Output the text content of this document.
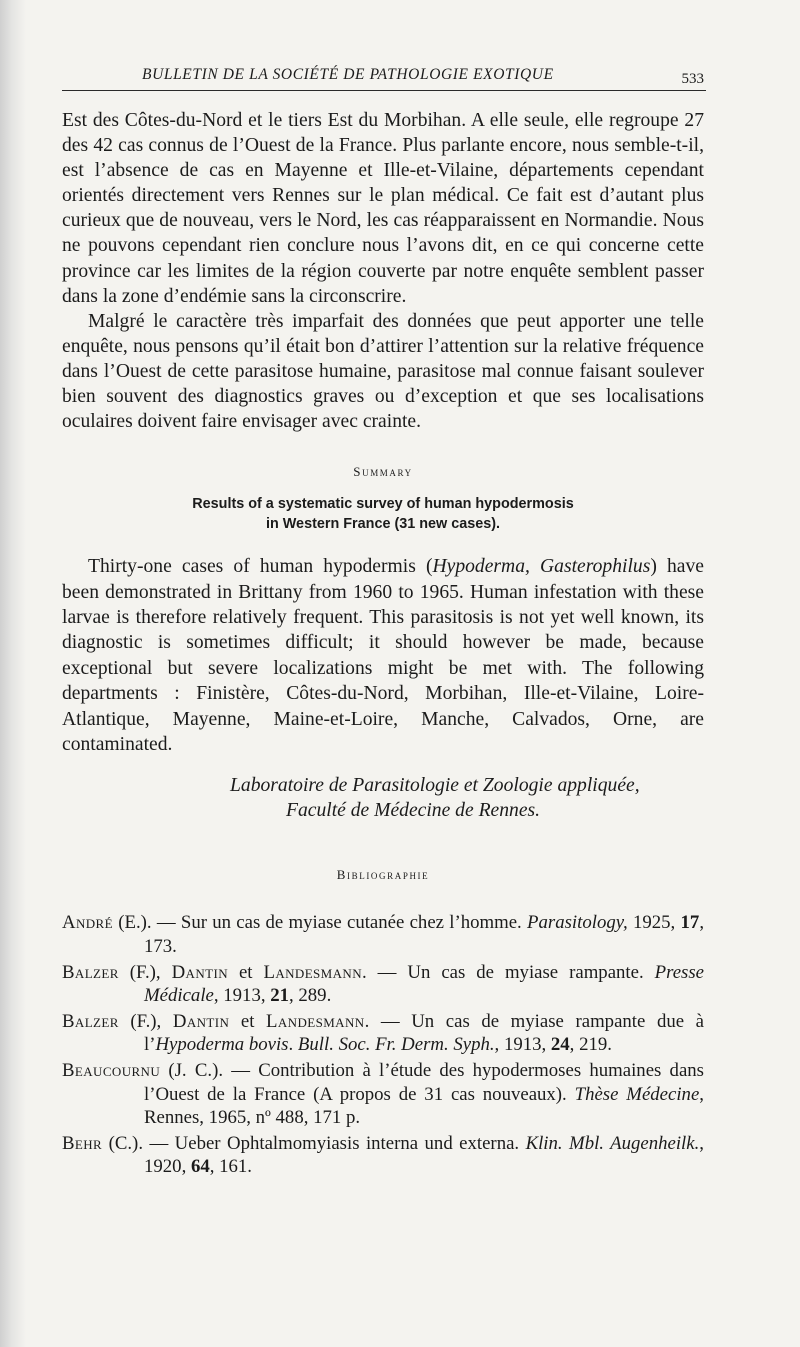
BULLETIN DE LA SOCIÉTÉ DE PATHOLOGIE EXOTIQUE	533

Est des Côtes-du-Nord et le tiers Est du Morbihan. A elle seule, elle regroupe 27 des 42 cas connus de l’Ouest de la France. Plus parlante encore, nous semble-t-il, est l’absence de cas en Mayenne et Ille-et-Vilaine, départements cependant orientés directement vers Rennes sur le plan médical. Ce fait est d’autant plus curieux que de nouveau, vers le Nord, les cas réapparaissent en Normandie. Nous ne pouvons cependant rien conclure nous l’avons dit, en ce qui concerne cette province car les limites de la région couverte par notre enquête semblent passer dans la zone d’endémie sans la circonscrire.

Malgré le caractère très imparfait des données que peut apporter une telle enquête, nous pensons qu’il était bon d’attirer l’attention sur la relative fréquence dans l’Ouest de cette parasitose humaine, parasitose mal connue faisant soulever bien souvent des diagnostics graves ou d’exception et que ses localisations oculaires doivent faire envisager avec crainte.

Summary

Results of a systematic survey of human hypodermosis
in Western France (31 new cases).

Thirty-one cases of human hypodermis (Hypoderma, Gasterophilus) have been demonstrated in Brittany from 1960 to 1965. Human infestation with these larvae is therefore relatively frequent. This parasitosis is not yet well known, its diagnostic is sometimes difficult; it should however be made, because exceptional but severe localizations might be met with. The following departments : Finistère, Côtes-du-Nord, Morbihan, Ille-et-Vilaine, Loire-Atlantique, Mayenne, Maine-et-Loire, Manche, Calvados, Orne, are contaminated.

Laboratoire de Parasitologie et Zoologie appliquée,
Faculté de Médecine de Rennes.

Bibliographie

André (E.). — Sur un cas de myiase cutanée chez l’homme. Parasitology, 1925, 17, 173.

Balzer (F.), Dantin et Landesmann. — Un cas de myiase rampante. Presse Médicale, 1913, 21, 289.

Balzer (F.), Dantin et Landesmann. — Un cas de myiase rampante due à l’Hypoderma bovis. Bull. Soc. Fr. Derm. Syph., 1913, 24, 219.

Beaucournu (J. C.). — Contribution à l’étude des hypodermoses humaines dans l’Ouest de la France (A propos de 31 cas nouveaux). Thèse Médecine, Rennes, 1965, nº 488, 171 p.

Behr (C.). — Ueber Ophtalmomyiasis interna und externa. Klin. Mbl. Augenheilk., 1920, 64, 161.
